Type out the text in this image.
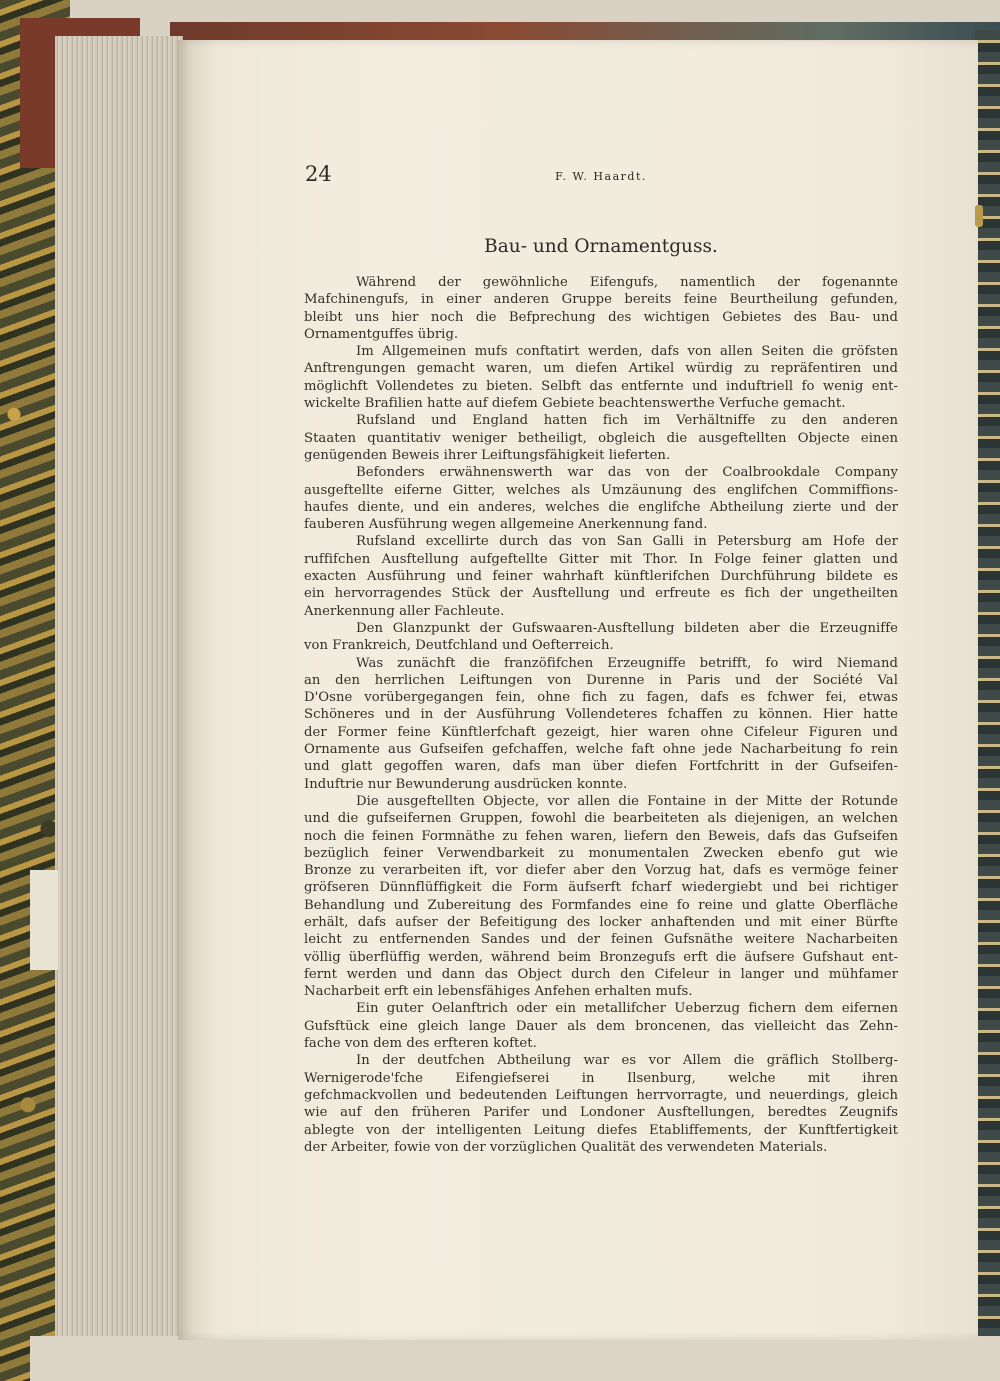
24	F. W. Haardt.
Bau- und Ornamentguss.
Während der gewöhnliche Eifengufs, namentlich der fogenannte
Mafchinengufs, in einer anderen Gruppe bereits feine Beurtheilung gefunden,
bleibt uns hier noch die Befprechung des wichtigen Gebietes des Bau- und
Ornamentguffes übrig.
Im Allgemeinen mufs conftatirt werden, dafs von allen Seiten die gröfsten
Anftrengungen gemacht waren, um diefen Artikel würdig zu repräfentiren und
möglichft Vollendetes zu bieten. Selbft das entfernte und induftriell fo wenig ent-
wickelte Brafilien hatte auf diefem Gebiete beachtenswerthe Verfuche gemacht.
Rufsland und England hatten fich im Verhältniffe zu den anderen
Staaten quantitativ weniger betheiligt, obgleich die ausgeftellten Objecte einen
genügenden Beweis ihrer Leiftungsfähigkeit lieferten.
Befonders erwähnenswerth war das von der Coalbrookdale Company
ausgeftellte eiferne Gitter, welches als Umzäunung des englifchen Commiffions-
haufes diente, und ein anderes, welches die englifche Abtheilung zierte und der
fauberen Ausführung wegen allgemeine Anerkennung fand.
Rufsland excellirte durch das von San Galli in Petersburg am Hofe der
ruffifchen Ausftellung aufgeftellte Gitter mit Thor. In Folge feiner glatten und
exacten Ausführung und feiner wahrhaft künftlerifchen Durchführung bildete es
ein hervorragendes Stück der Ausftellung und erfreute es fich der ungetheilten
Anerkennung aller Fachleute.
Den Glanzpunkt der Gufswaaren-Ausftellung bildeten aber die Erzeugniffe
von Frankreich, Deutfchland und Oefterreich.
Was zunächft die franzöfifchen Erzeugniffe betrifft, fo wird Niemand
an den herrlichen Leiftungen von Durenne in Paris und der Société Val
D'Osne vorübergegangen fein, ohne fich zu fagen, dafs es fchwer fei, etwas
Schöneres und in der Ausführung Vollendeteres fchaffen zu können. Hier hatte
der Former feine Künftlerfchaft gezeigt, hier waren ohne Cifeleur Figuren und
Ornamente aus Gufseifen gefchaffen, welche faft ohne jede Nacharbeitung fo rein
und glatt gegoffen waren, dafs man über diefen Fortfchritt in der Gufseifen-
Induftrie nur Bewunderung ausdrücken konnte.
Die ausgeftellten Objecte, vor allen die Fontaine in der Mitte der Rotunde
und die gufseifernen Gruppen, fowohl die bearbeiteten als diejenigen, an welchen
noch die feinen Formnäthe zu fehen waren, liefern den Beweis, dafs das Gufseifen
bezüglich feiner Verwendbarkeit zu monumentalen Zwecken ebenfo gut wie
Bronze zu verarbeiten ift, vor diefer aber den Vorzug hat, dafs es vermöge feiner
gröfseren Dünnflüffigkeit die Form äufserft fcharf wiedergiebt und bei richtiger
Behandlung und Zubereitung des Formfandes eine fo reine und glatte Oberfläche
erhält, dafs aufser der Befeitigung des locker anhaftenden und mit einer Bürfte
leicht zu entfernenden Sandes und der feinen Gufsnäthe weitere Nacharbeiten
völlig überflüffig werden, während beim Bronzegufs erft die äufsere Gufshaut ent-
fernt werden und dann das Object durch den Cifeleur in langer und mühfamer
Nacharbeit erft ein lebensfähiges Anfehen erhalten mufs.
Ein guter Oelanftrich oder ein metallifcher Ueberzug fichern dem eifernen
Gufsftück eine gleich lange Dauer als dem broncenen, das vielleicht das Zehn-
fache von dem des erfteren koftet.
In der deutfchen Abtheilung war es vor Allem die gräflich Stollberg-
Wernigerode'fche Eifengiefserei in Ilsenburg, welche mit ihren
gefchmackvollen und bedeutenden Leiftungen herrvorragte, und neuerdings, gleich
wie auf den früheren Parifer und Londoner Ausftellungen, beredtes Zeugnifs
ablegte von der intelligenten Leitung diefes Etabliffements, der Kunftfertigkeit
der Arbeiter, fowie von der vorzüglichen Qualität des verwendeten Materials.
